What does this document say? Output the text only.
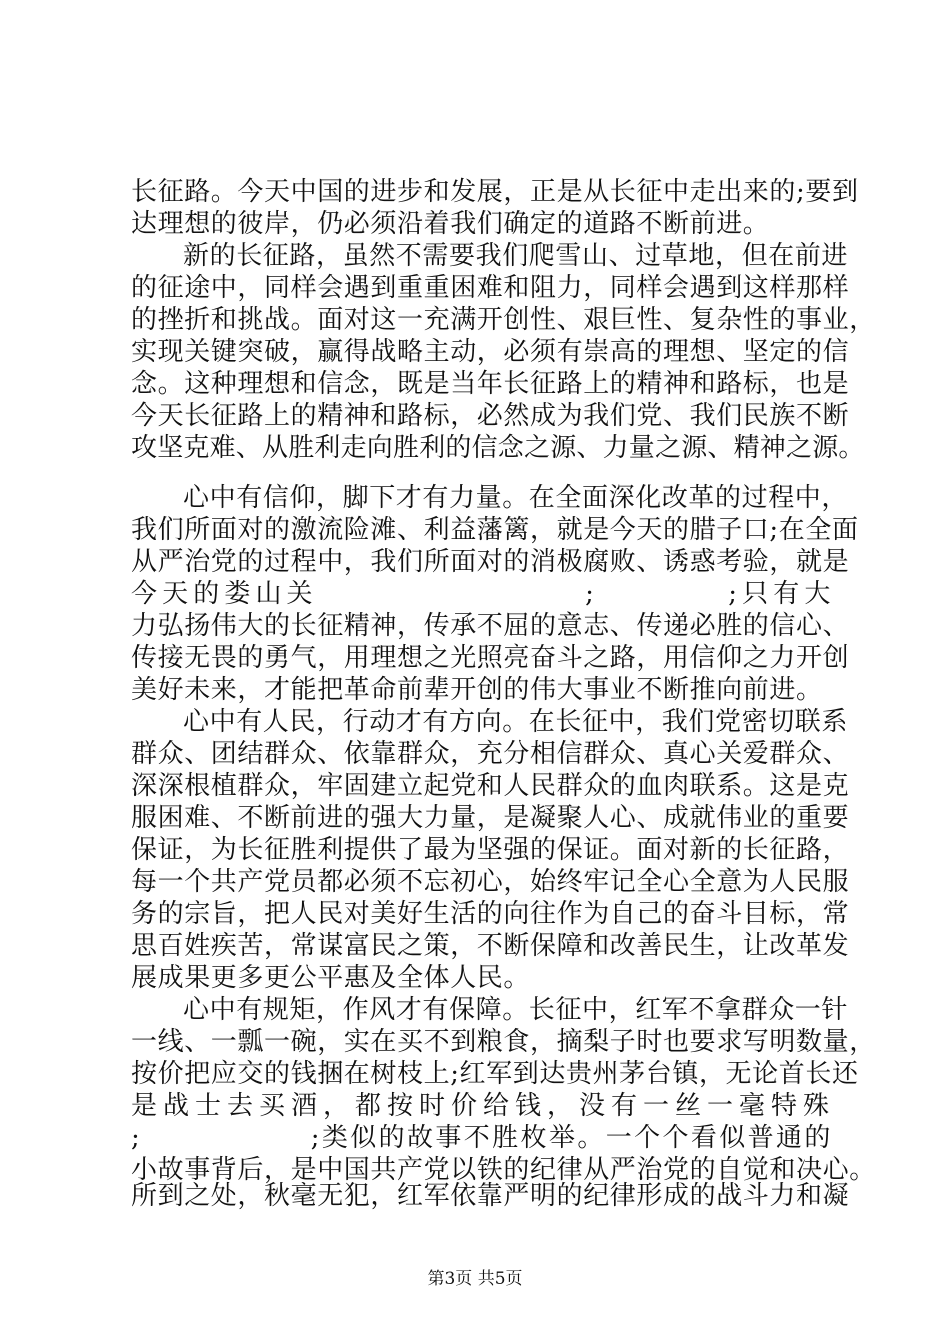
长征路。今天中国的进步和发展，正是从长征中走出来的;要到
达理想的彼岸，仍必须沿着我们确定的道路不断前进。
新的长征路，虽然不需要我们爬雪山、过草地，但在前进
的征途中，同样会遇到重重困难和阻力，同样会遇到这样那样
的挫折和挑战。面对这一充满开创性、艰巨性、复杂性的事业，
实现关键突破，赢得战略主动，必须有崇高的理想、坚定的信
念。这种理想和信念，既是当年长征路上的精神和路标，也是
今天长征路上的精神和路标，必然成为我们党、我们民族不断
攻坚克难、从胜利走向胜利的信念之源、力量之源、精神之源。
心中有信仰，脚下才有力量。在全面深化改革的过程中，
我们所面对的激流险滩、利益藩篱，就是今天的腊子口;在全面
从严治党的过程中，我们所面对的消极腐败、诱惑考验，就是
今天的娄山关                    ;          ;只有大
力弘扬伟大的长征精神，传承不屈的意志、传递必胜的信心、
传接无畏的勇气，用理想之光照亮奋斗之路，用信仰之力开创
美好未来，才能把革命前辈开创的伟大事业不断推向前进。
心中有人民，行动才有方向。在长征中，我们党密切联系
群众、团结群众、依靠群众，充分相信群众、真心关爱群众、
深深根植群众，牢固建立起党和人民群众的血肉联系。这是克
服困难、不断前进的强大力量，是凝聚人心、成就伟业的重要
保证，为长征胜利提供了最为坚强的保证。面对新的长征路，
每一个共产党员都必须不忘初心，始终牢记全心全意为人民服
务的宗旨，把人民对美好生活的向往作为自己的奋斗目标，常
思百姓疾苦，常谋富民之策，不断保障和改善民生，让改革发
展成果更多更公平惠及全体人民。
心中有规矩，作风才有保障。长征中，红军不拿群众一针
一线、一瓢一碗，实在买不到粮食，摘梨子时也要求写明数量，
按价把应交的钱捆在树枝上;红军到达贵州茅台镇，无论首长还
是战士去买酒，都按时价给钱，没有一丝一毫特殊
;                ;类似的故事不胜枚举。一个个看似普通的
小故事背后，是中国共产党以铁的纪律从严治党的自觉和决心。
所到之处，秋毫无犯，红军依靠严明的纪律形成的战斗力和凝
第3页 共5页
